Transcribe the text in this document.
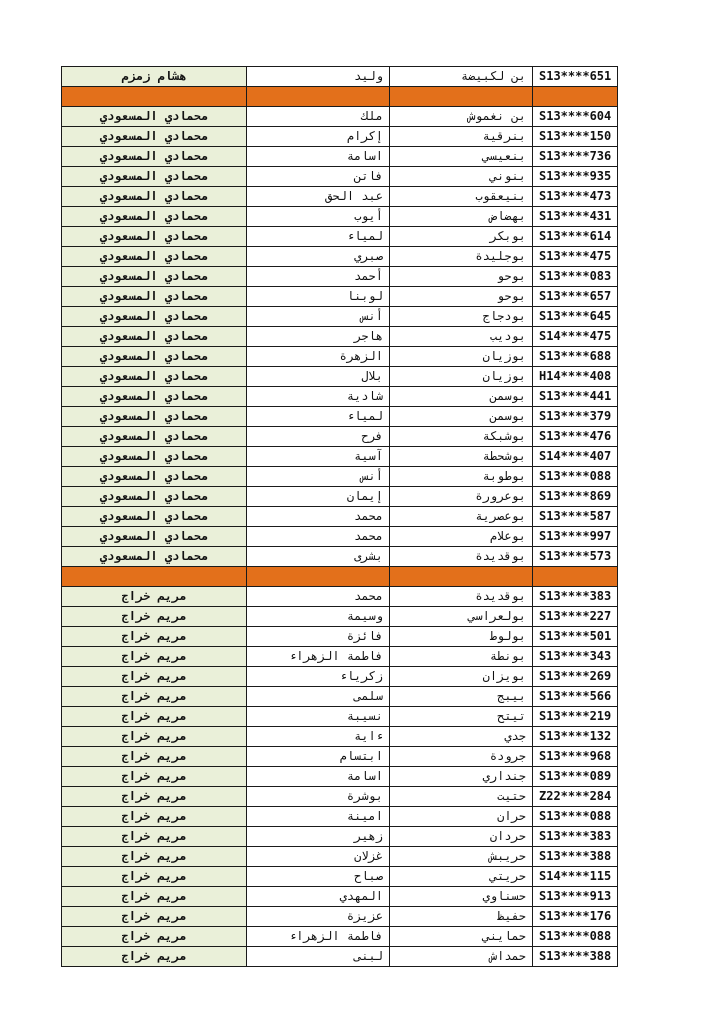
هشام زمزم	وليد	بن لكبيضة	S13****651

محمادي المسعودي	ملك	بن نغموش	S13****604
محمادي المسعودي	إكرام	بنرقية	S13****150
محمادي المسعودي	اسامة	بنعيسي	S13****736
محمادي المسعودي	فاتن	بنوني	S13****935
محمادي المسعودي	عبد الحق	بنيعقوب	S13****473
محمادي المسعودي	أيوب	بهضاض	S13****431
محمادي المسعودي	لمياء	بوبكر	S13****614
محمادي المسعودي	صبري	بوجليدة	S13****475
محمادي المسعودي	أحمد	بوحو	S13****083
محمادي المسعودي	لوبنا	بوحو	S13****657
محمادي المسعودي	أنس	بودجاج	S13****645
محمادي المسعودي	هاجر	بوديب	S14****475
محمادي المسعودي	الزهرة	بوزيان	S13****688
محمادي المسعودي	بلال	بوزيان	H14****408
محمادي المسعودي	شادية	بوسمن	S13****441
محمادي المسعودي	لمياء	بوسمن	S13****379
محمادي المسعودي	فرح	بوشبكة	S13****476
محمادي المسعودي	آسية	بوشحطة	S14****407
محمادي المسعودي	أنس	بوطوبة	S13****088
محمادي المسعودي	إيمان	بوعرورة	S13****869
محمادي المسعودي	محمد	بوعصرية	S13****587
محمادي المسعودي	محمد	بوعلام	S13****997
محمادي المسعودي	بشرى	بوقديدة	S13****573

مريم خراج	محمد	بوقديدة	S13****383
مريم خراج	وسيمة	بولعراسي	S13****227
مريم خراج	فائزة	بولوط	S13****501
مريم خراج	فاطمة الزهراء	بونطة	S13****343
مريم خراج	زكرياء	بويزان	S13****269
مريم خراج	سلمى	بيبج	S13****566
مريم خراج	نسيبة	تيتح	S13****219
مريم خراج	ءاية	جدي	S13****132
مريم خراج	ابتسام	جرودة	S13****968
مريم خراج	اسامة	جنداري	S13****089
مريم خراج	بوشرة	حتيت	Z22****284
مريم خراج	امينة	حران	S13****088
مريم خراج	زهير	حردان	S13****383
مريم خراج	غزلان	حريبش	S13****388
مريم خراج	صباح	حريتي	S14****115
مريم خراج	المهدي	حسناوي	S13****913
مريم خراج	عزيزة	حفيظ	S13****176
مريم خراج	فاطمة الزهراء	حمايني	S13****088
مريم خراج	لبنى	حمداش	S13****388
